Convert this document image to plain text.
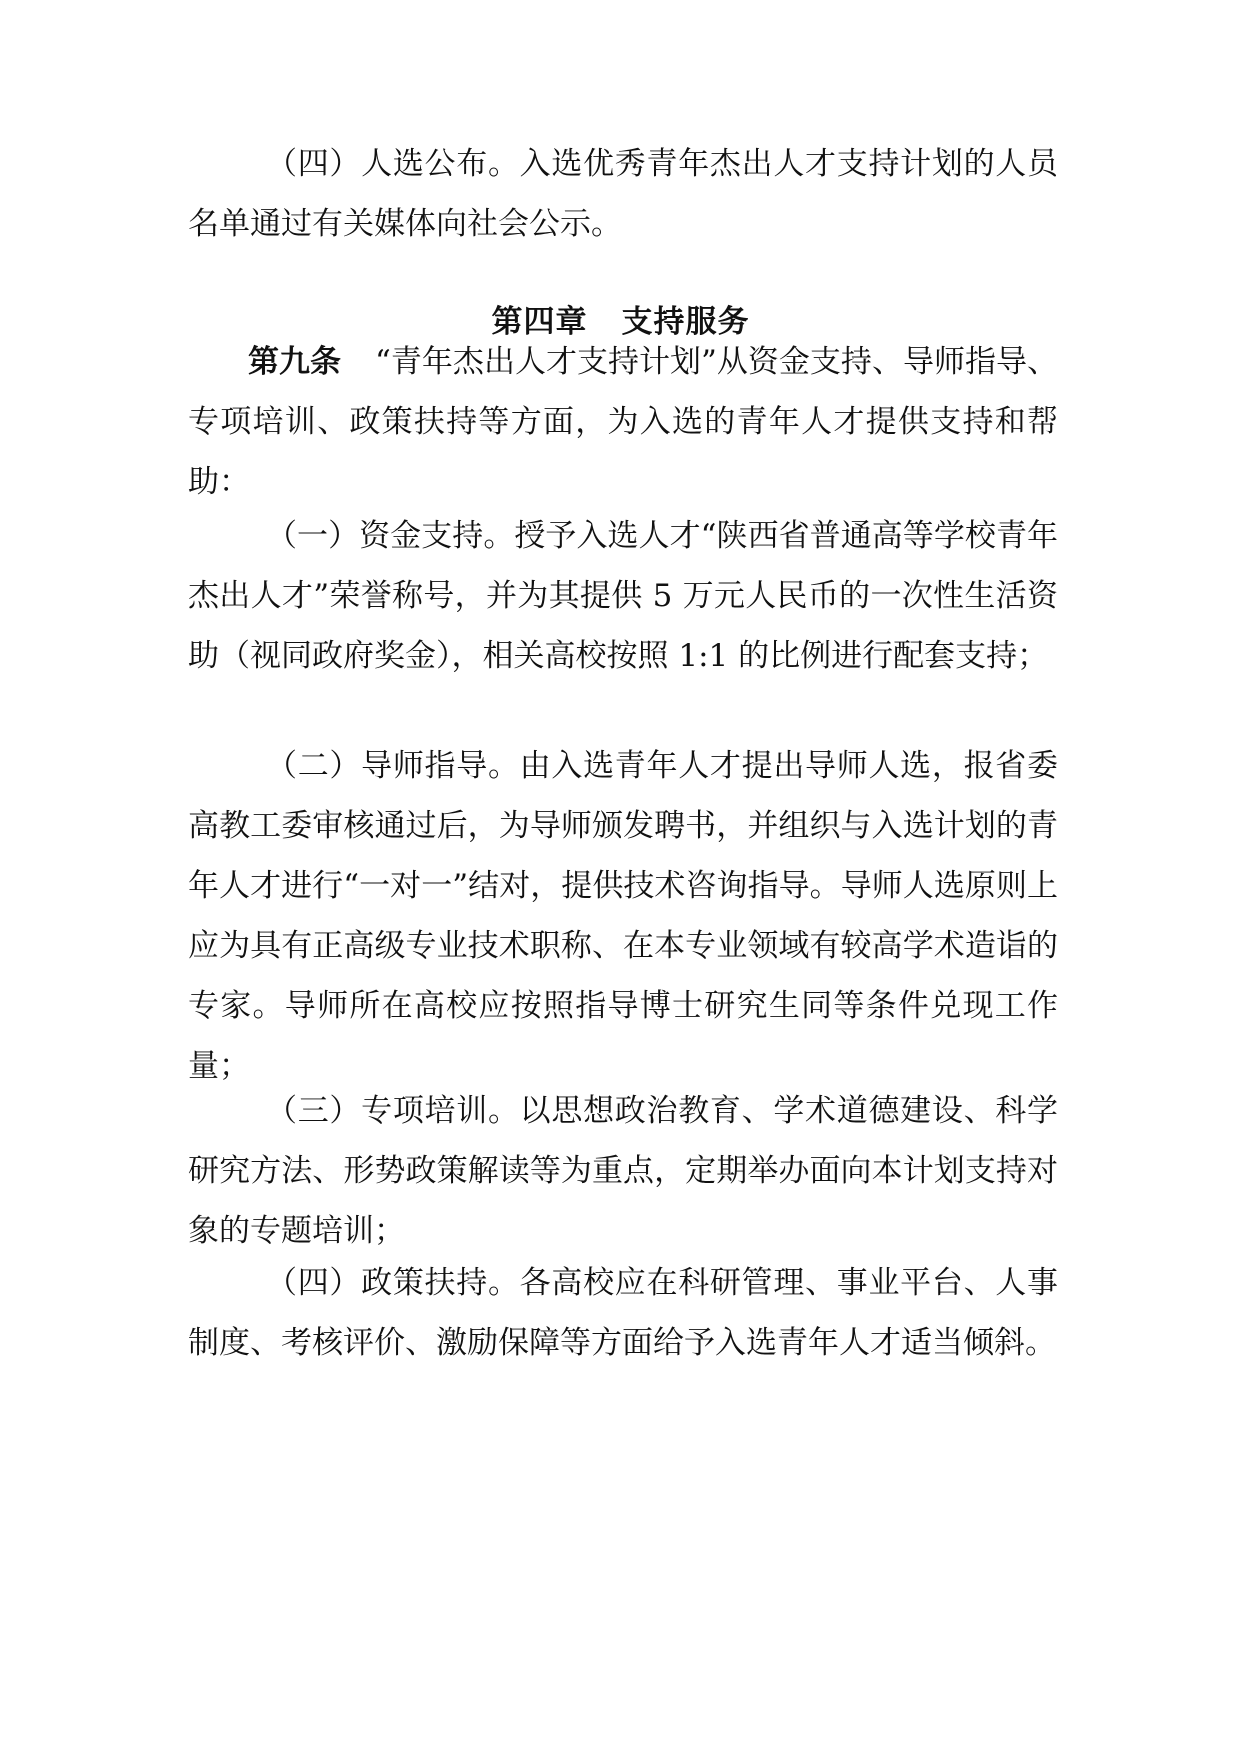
（四）人选公布。入选优秀青年杰出人才支持计划的人员名单通过有关媒体向社会公示。

第四章 支持服务

第九条 “青年杰出人才支持计划”从资金支持、导师指导、专项培训、政策扶持等方面，为入选的青年人才提供支持和帮助：

（一）资金支持。授予入选人才“陕西省普通高等学校青年杰出人才”荣誉称号，并为其提供 5 万元人民币的一次性生活资助（视同政府奖金），相关高校按照 1:1 的比例进行配套支持；

（二）导师指导。由入选青年人才提出导师人选，报省委高教工委审核通过后，为导师颁发聘书，并组织与入选计划的青年人才进行“一对一”结对，提供技术咨询指导。导师人选原则上应为具有正高级专业技术职称、在本专业领域有较高学术造诣的专家。导师所在高校应按照指导博士研究生同等条件兑现工作量；

（三）专项培训。以思想政治教育、学术道德建设、科学研究方法、形势政策解读等为重点，定期举办面向本计划支持对象的专题培训；

（四）政策扶持。各高校应在科研管理、事业平台、人事制度、考核评价、激励保障等方面给予入选青年人才适当倾斜。
